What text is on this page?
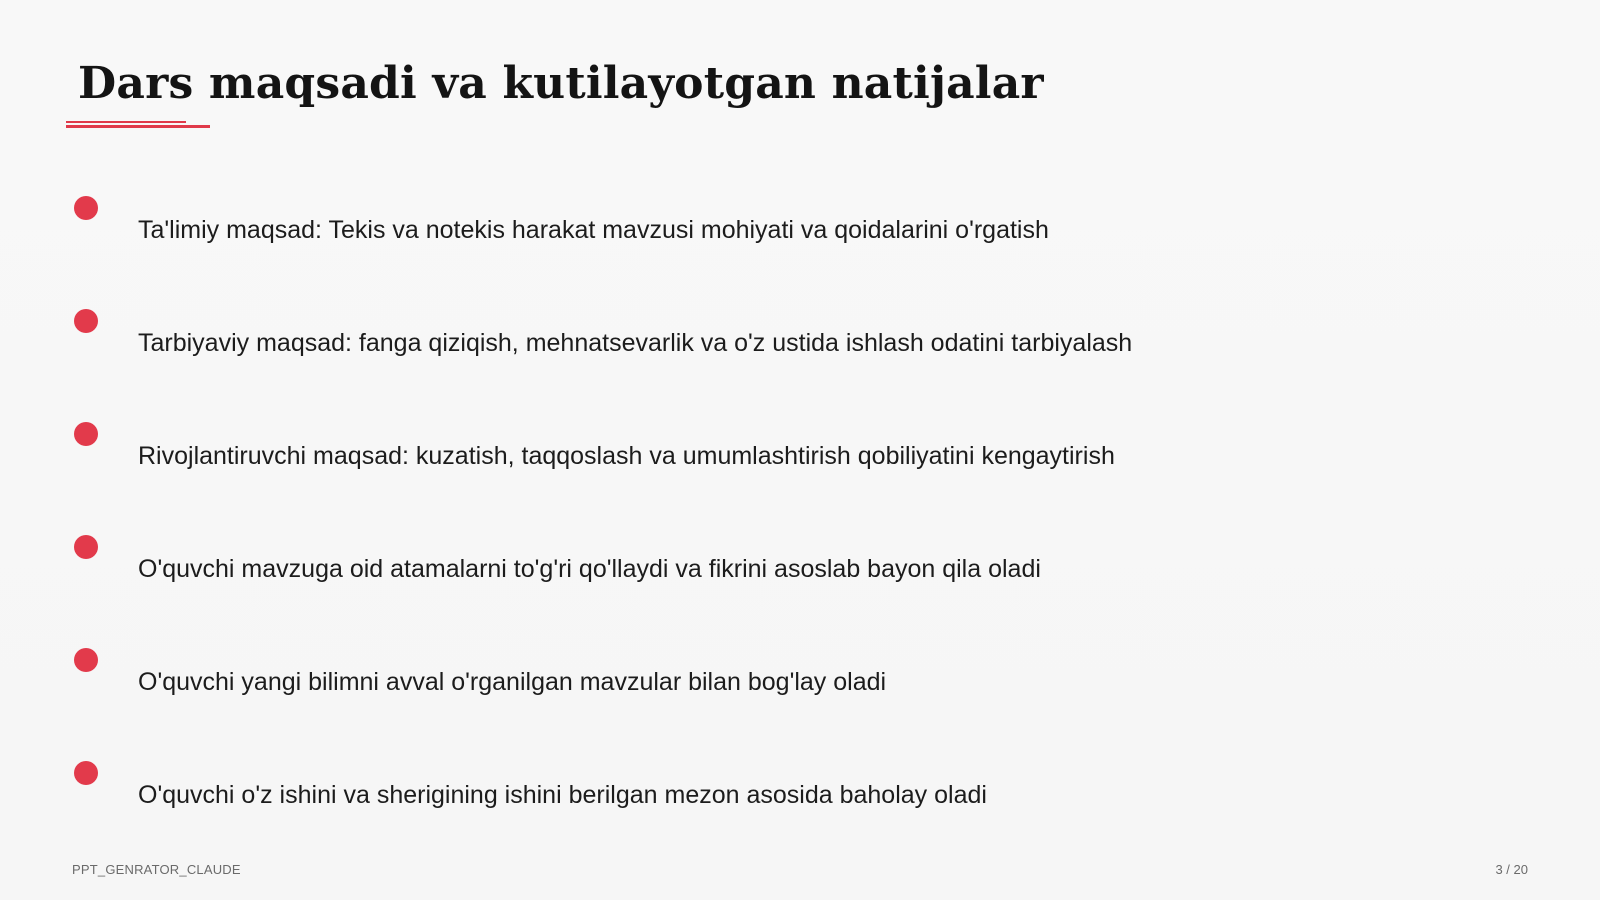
Dars maqsadi va kutilayotgan natijalar
Ta'limiy maqsad: Tekis va notekis harakat mavzusi mohiyati va qoidalarini o'rgatish
Tarbiyaviy maqsad: fanga qiziqish, mehnatsevarlik va o'z ustida ishlash odatini tarbiyalash
Rivojlantiruvchi maqsad: kuzatish, taqqoslash va umumlashtirish qobiliyatini kengaytirish
O'quvchi mavzuga oid atamalarni to'g'ri qo'llaydi va fikrini asoslab bayon qila oladi
O'quvchi yangi bilimni avval o'rganilgan mavzular bilan bog'lay oladi
O'quvchi o'z ishini va sherigining ishini berilgan mezon asosida baholay oladi
PPT_GENRATOR_CLAUDE	3 / 20
